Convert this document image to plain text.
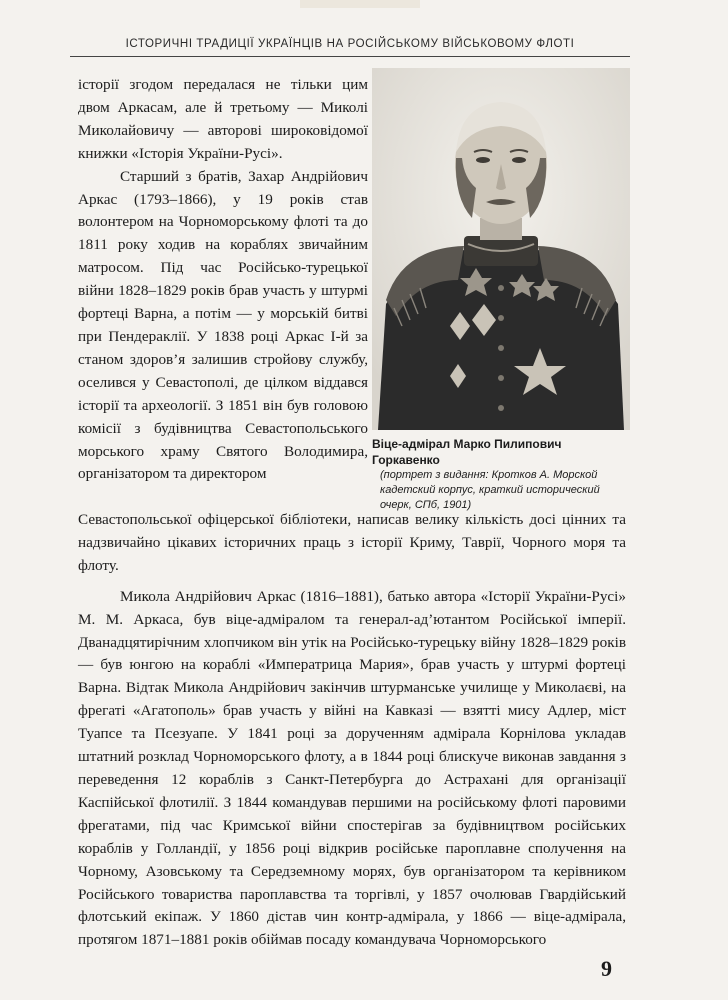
ІСТОРИЧНІ ТРАДИЦІЇ УКРАЇНЦІВ НА РОСІЙСЬКОМУ ВІЙСЬКОВОМУ ФЛОТІ

історії згодом передалася не тільки цим двом Аркасам, але й третьому — Миколі Миколайовичу — авторові широковідомої книжки «Історія України-Русі».

Старший з братів, Захар Андрійович Аркас (1793–1866), у 19 років став волонтером на Чорноморському флоті та до 1811 року ходив на кораблях звичайним матросом. Під час Російсько-турецької війни 1828–1829 років брав участь у штурмі фортеці Варна, а потім — у морській битві при Пендераклії. У 1838 році Аркас І-й за станом здоров’я залишив стройову службу, оселився у Севастополі, де цілком віддався історії та археології. З 1851 він був головою комісії з будівництва Севастопольського морського храму Святого Володимира, організатором та директором

Віце-адмірал Марко Пилипович Горкавенко
(портрет з видання: Кротков А. Морской кадетский корпус, краткий исторический очерк, СПб, 1901)

Севастопольської офіцерської бібліотеки, написав велику кількість досі цінних та надзвичайно цікавих історичних праць з історії Криму, Таврії, Чорного моря та флоту.

Микола Андрійович Аркас (1816–1881), батько автора «Історії України-Русі» М. М. Аркаса, був віце-адміралом та генерал-ад’ютантом Російської імперії. Дванадцятирічним хлопчиком він утік на Російсько-турецьку війну 1828–1829 років — був юнгою на кораблі «Императрица Мария», брав участь у штурмі фортеці Варна. Відтак Микола Андрійович закінчив штурманське училище у Миколаєві, на фрегаті «Агатополь» брав участь у війні на Кавказі — взятті мису Адлер, міст Туапсе та Псезуапе. У 1841 році за дорученням адмірала Корнілова укладав штатний розклад Чорноморського флоту, а в 1844 році блискуче виконав завдання з переведення 12 кораблів з Санкт-Петербурга до Астрахані для організації Каспійської флотилії. З 1844 командував першими на російському флоті паровими фрегатами, під час Кримської війни спостерігав за будівництвом російських кораблів у Голландії, у 1856 році відкрив російське пароплавне сполучення на Чорному, Азовському та Середземному морях, був організатором та керівником Російського товариства пароплавства та торгівлі, у 1857 очолював Гвардійський флотський екіпаж. У 1860 дістав чин контр-адмірала, у 1866 — віце-адмірала, протягом 1871–1881 років обіймав посаду командувача Чорноморського

9
